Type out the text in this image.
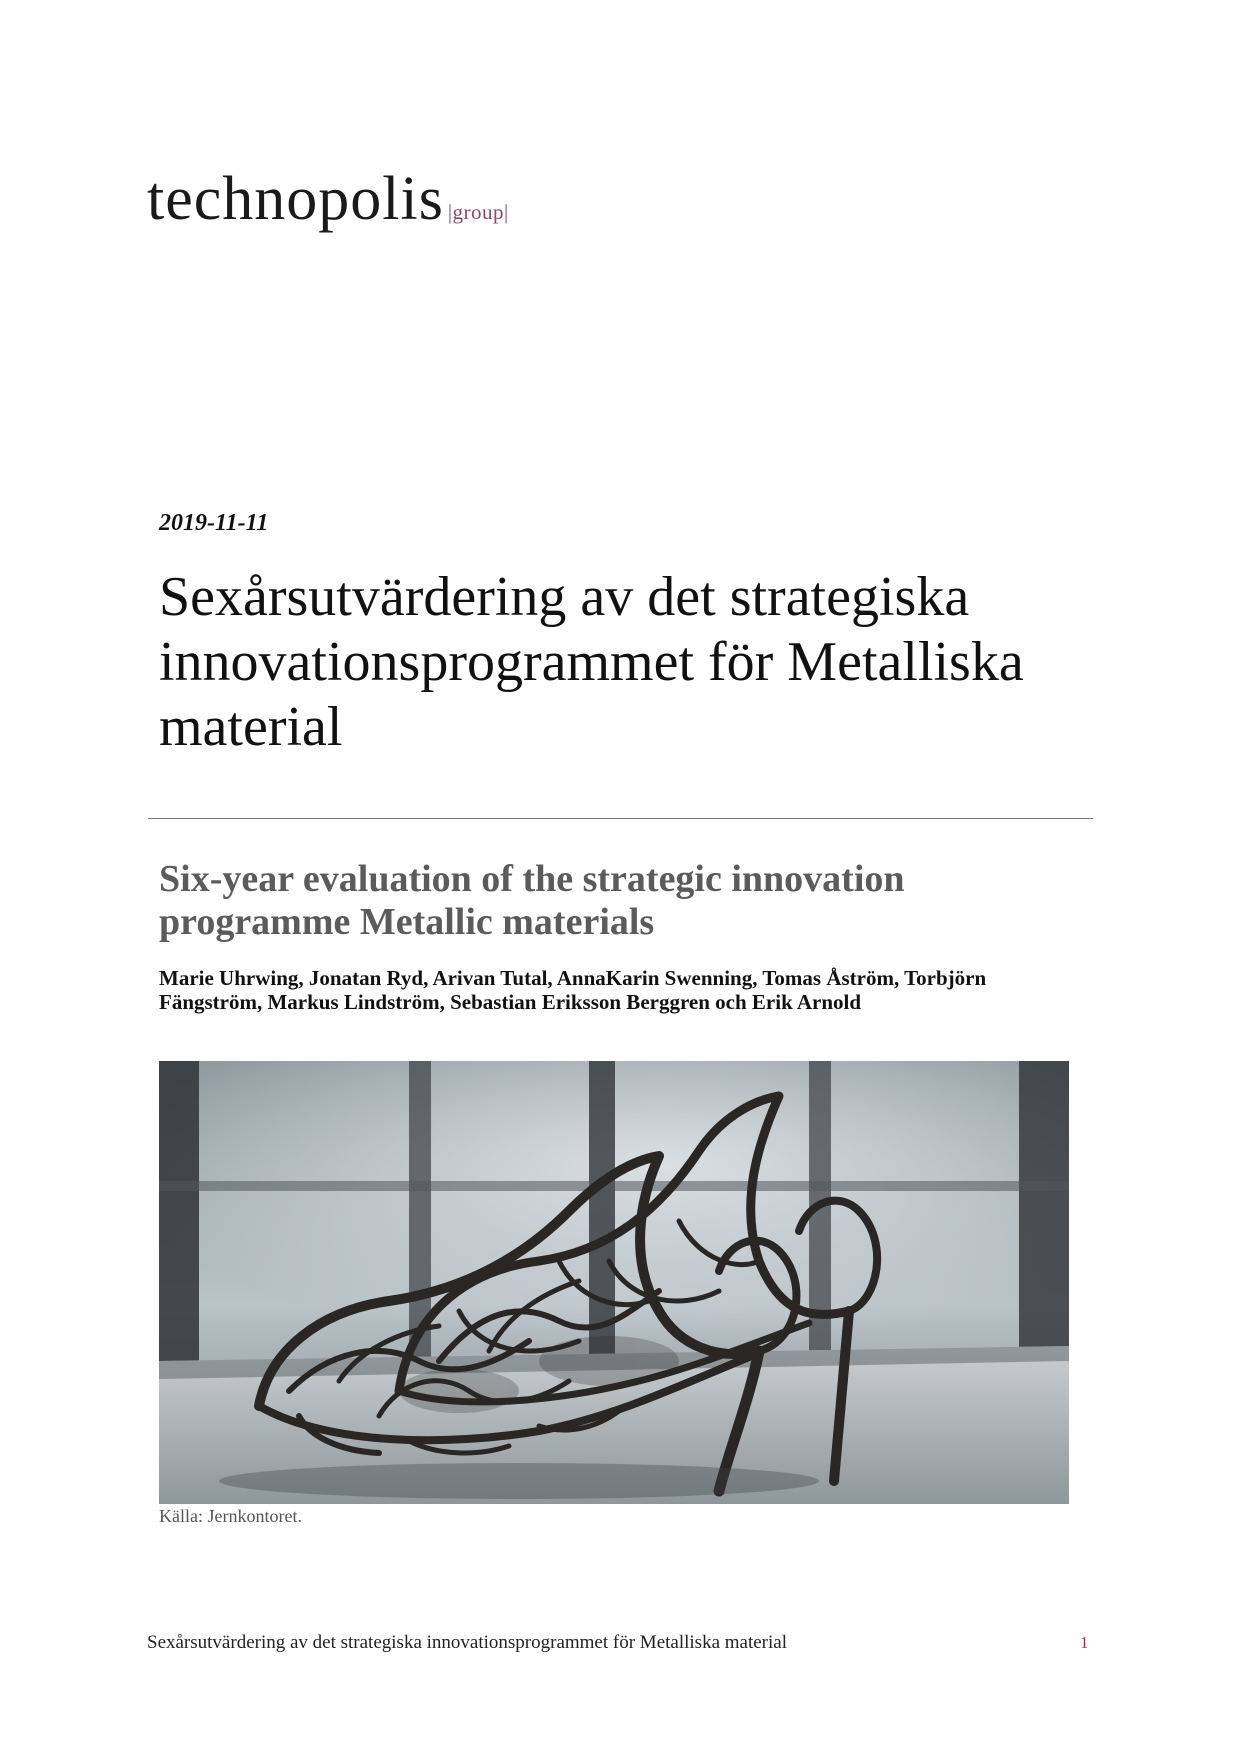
technopolis |group|
2019-11-11
Sexårsutvärdering av det strategiska innovationsprogrammet för Metalliska material
Six-year evaluation of the strategic innovation programme Metallic materials

Marie Uhrwing, Jonatan Ryd, Arivan Tutal, AnnaKarin Swenning, Tomas Åström, Torbjörn Fängström, Markus Lindström, Sebastian Eriksson Berggren och Erik Arnold

Källa: Jernkontoret.
Sexårsutvärdering av det strategiska innovationsprogrammet för Metalliska material	1
